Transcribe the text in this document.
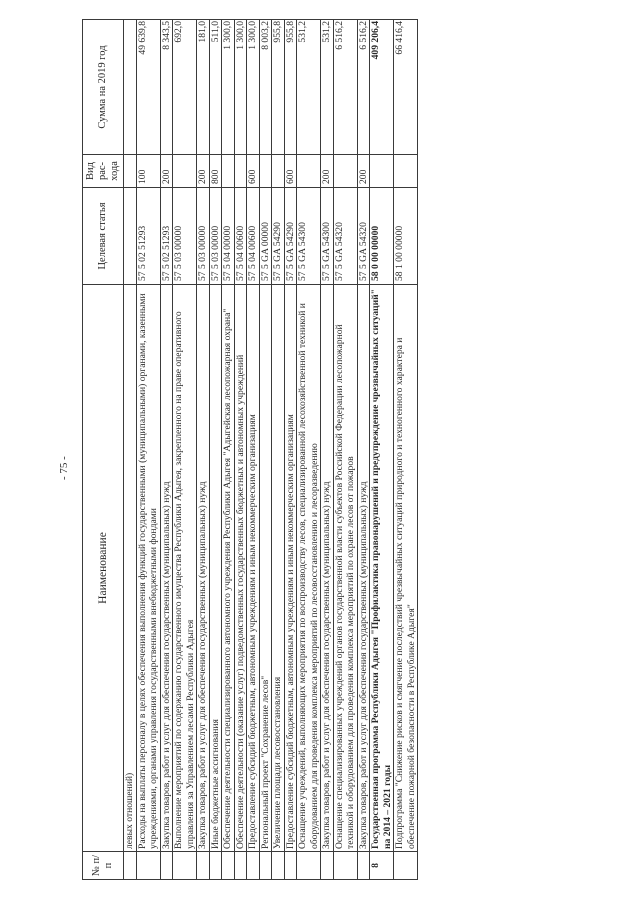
- 75 -
№ п/п	Наименование	Целевая статья	Вид рас- хода	Сумма на 2019 год
	левых отношений)			
	Расходы на выплаты персоналу в целях обеспечения выполнения функций государственными (муниципальными) органами, казенными учреждениями, органами управления государственными внебюджетными фондами	57 5 02 51293	100	49 639,8
	Закупка товаров, работ и услуг для обеспечения государственных (муниципальных) нужд	57 5 02 51293	200	8 343,5
	Выполнение мероприятий по содержанию государственного имущества Республики Адыгея, закрепленного на праве оперативного управления за Управлением лесами Республики Адыгея	57 5 03 00000		692,0
	Закупка товаров, работ и услуг для обеспечения государственных (муниципальных) нужд	57 5 03 00000	200	181,0
	Иные бюджетные ассигнования	57 5 03 00000	800	511,0
	Обеспечение деятельности специализированного автономного учреждения Республики Адыгея "Адыгейская лесопожарная охрана"	57 5 04 00000		1 300,0
	Обеспечение деятельности (оказание услуг) подведомственных государственных бюджетных и автономных учреждений	57 5 04 00600		1 300,0
	Предоставление субсидий бюджетным, автономным учреждениям и иным некоммерческим организациям	57 5 04 00600	600	1 300,0
	Региональный проект "Сохранение лесов"	57 5 GA 00000		8 003,2
	Увеличение площади лесовосстановления	57 5 GA 54290		955,8
	Предоставление субсидий бюджетным, автономным учреждениям и иным некоммерческим организациям	57 5 GA 54290	600	955,8
	Оснащение учреждений, выполняющих мероприятия по воспроизводству лесов, специализированной лесохозяйственной техникой и оборудованием для проведения комплекса мероприятий по лесовосстановлению и лесоразведению	57 5 GA 54300		531,2
	Закупка товаров, работ и услуг для обеспечения государственных (муниципальных) нужд	57 5 GA 54300	200	531,2
	Оснащение специализированных учреждений органов государственной власти субъектов Российской Федерации лесопожарной техникой и оборудованием для проведения комплекса мероприятий по охране лесов от пожаров	57 5 GA 54320		6 516,2
	Закупка товаров, работ и услуг для обеспечения государственных (муниципальных) нужд	57 5 GA 54320	200	6 516,2
8	Государственная программа Республики Адыгея "Профилактика правонарушений и предупреждение чрезвычайных ситуаций" на 2014 – 2021 годы	58 0 00 00000		409 206,4
	Подпрограмма "Снижение рисков и смягчение последствий чрезвычайных ситуаций природного и техногенного характера и обеспечение пожарной безопасности в Республике Адыгея"	58 1 00 00000		66 416,4
